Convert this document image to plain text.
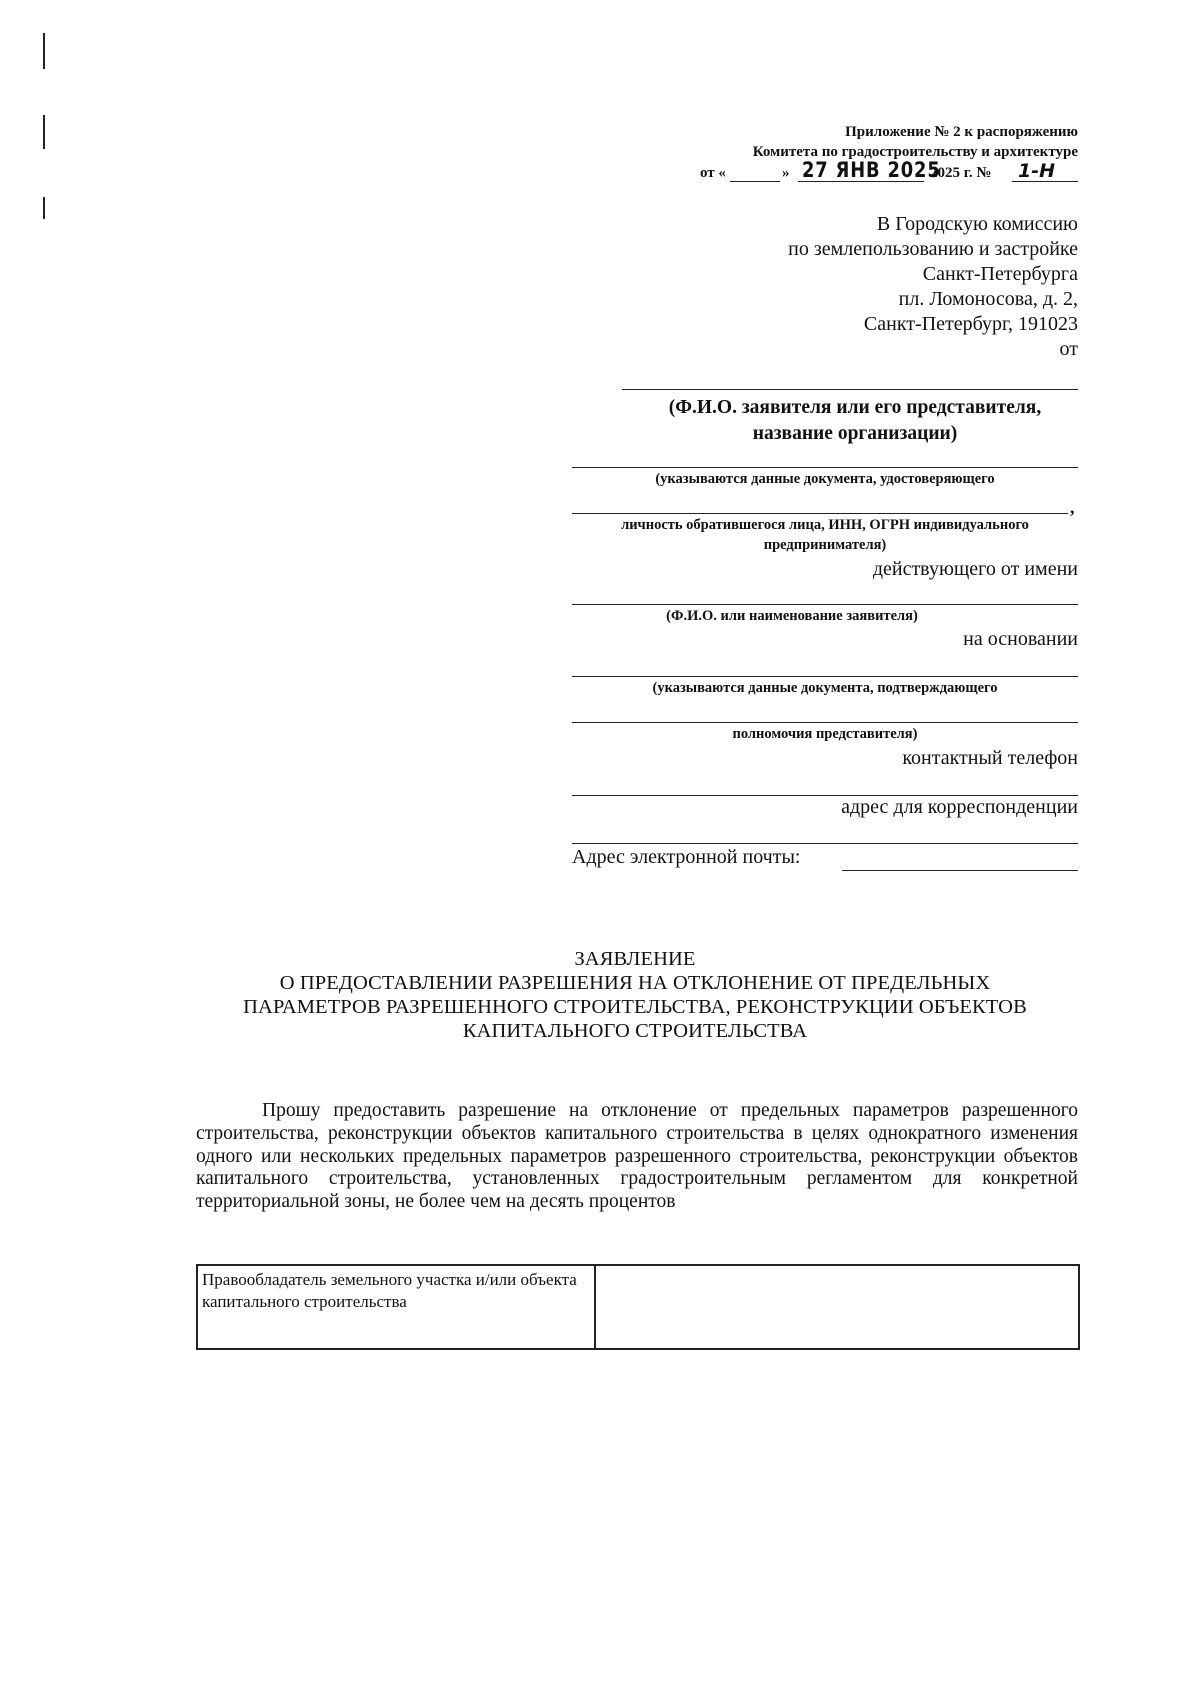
Приложение № 2 к распоряжению
Комитета по градостроительству и архитектуре
от «	» 27 ЯНВ 2025
2025 г. № 1-Н
В Городскую комиссию
по землепользованию и застройке
Санкт-Петербурга
пл. Ломоносова, д. 2,
Санкт-Петербург, 191023
от
(Ф.И.О. заявителя или его представителя,
название организации)
(указываются данные документа, удостоверяющего
,
личность обратившегося лица, ИНН, ОГРН индивидуального
предпринимателя)
действующего от имени
(Ф.И.О. или наименование заявителя)
на основании
(указываются данные документа, подтверждающего
полномочия представителя)
контактный телефон
адрес для корреспонденции
Адрес электронной почты:
ЗАЯВЛЕНИЕ
О ПРЕДОСТАВЛЕНИИ РАЗРЕШЕНИЯ НА ОТКЛОНЕНИЕ ОТ ПРЕДЕЛЬНЫХ
ПАРАМЕТРОВ РАЗРЕШЕННОГО СТРОИТЕЛЬСТВА, РЕКОНСТРУКЦИИ ОБЪЕКТОВ
КАПИТАЛЬНОГО СТРОИТЕЛЬСТВА
Прошу предоставить разрешение на отклонение от предельных параметров разрешенного строительства, реконструкции объектов капитального строительства в целях однократного изменения одного или нескольких предельных параметров разрешенного строительства, реконструкции объектов капитального строительства, установленных градостроительным регламентом для конкретной территориальной зоны, не более чем на десять процентов
Правообладатель земельного участка и/или объекта капитального строительства
